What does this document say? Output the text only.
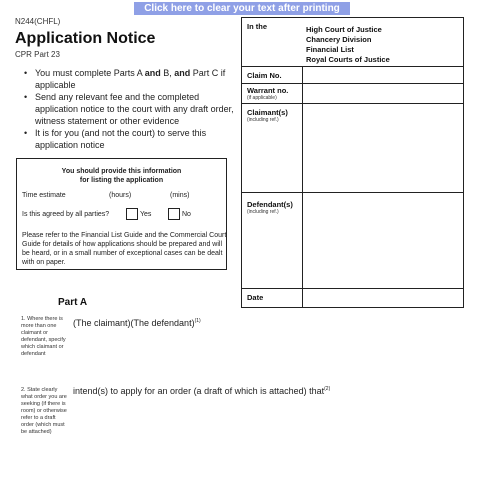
Click here to clear your text after printing
N244(CHFL)
Application Notice
CPR Part 23
• You must complete Parts A and B, and Part C if applicable
• Send any relevant fee and the completed application notice to the court with any draft order, witness statement or other evidence
• It is for you (and not the court) to serve this application notice
You should provide this information
for listing the application
Time estimate	(hours)	(mins)
Is this agreed by all parties?	Yes	No
Please refer to the Financial List Guide and the Commercial Court Guide for details of how applications should be prepared and will be heard, or in a small number of exceptional cases can be dealt with on paper.
In the	High Court of Justice
Chancery Division
Financial List
Royal Courts of Justice
Claim No.
Warrant no.
(if applicable)
Claimant(s)
(including ref.)
Defendant(s)
(including ref.)
Date
Part A
1. Where there is more than one claimant or defendant, specify which claimant or defendant
(The claimant)(The defendant)$^{(1)}$
2. State clearly what order you are seeking (if there is room) or otherwise refer to a draft order (which must be attached)
intend(s) to apply for an order (a draft of which is attached) that$^{(2)}$
